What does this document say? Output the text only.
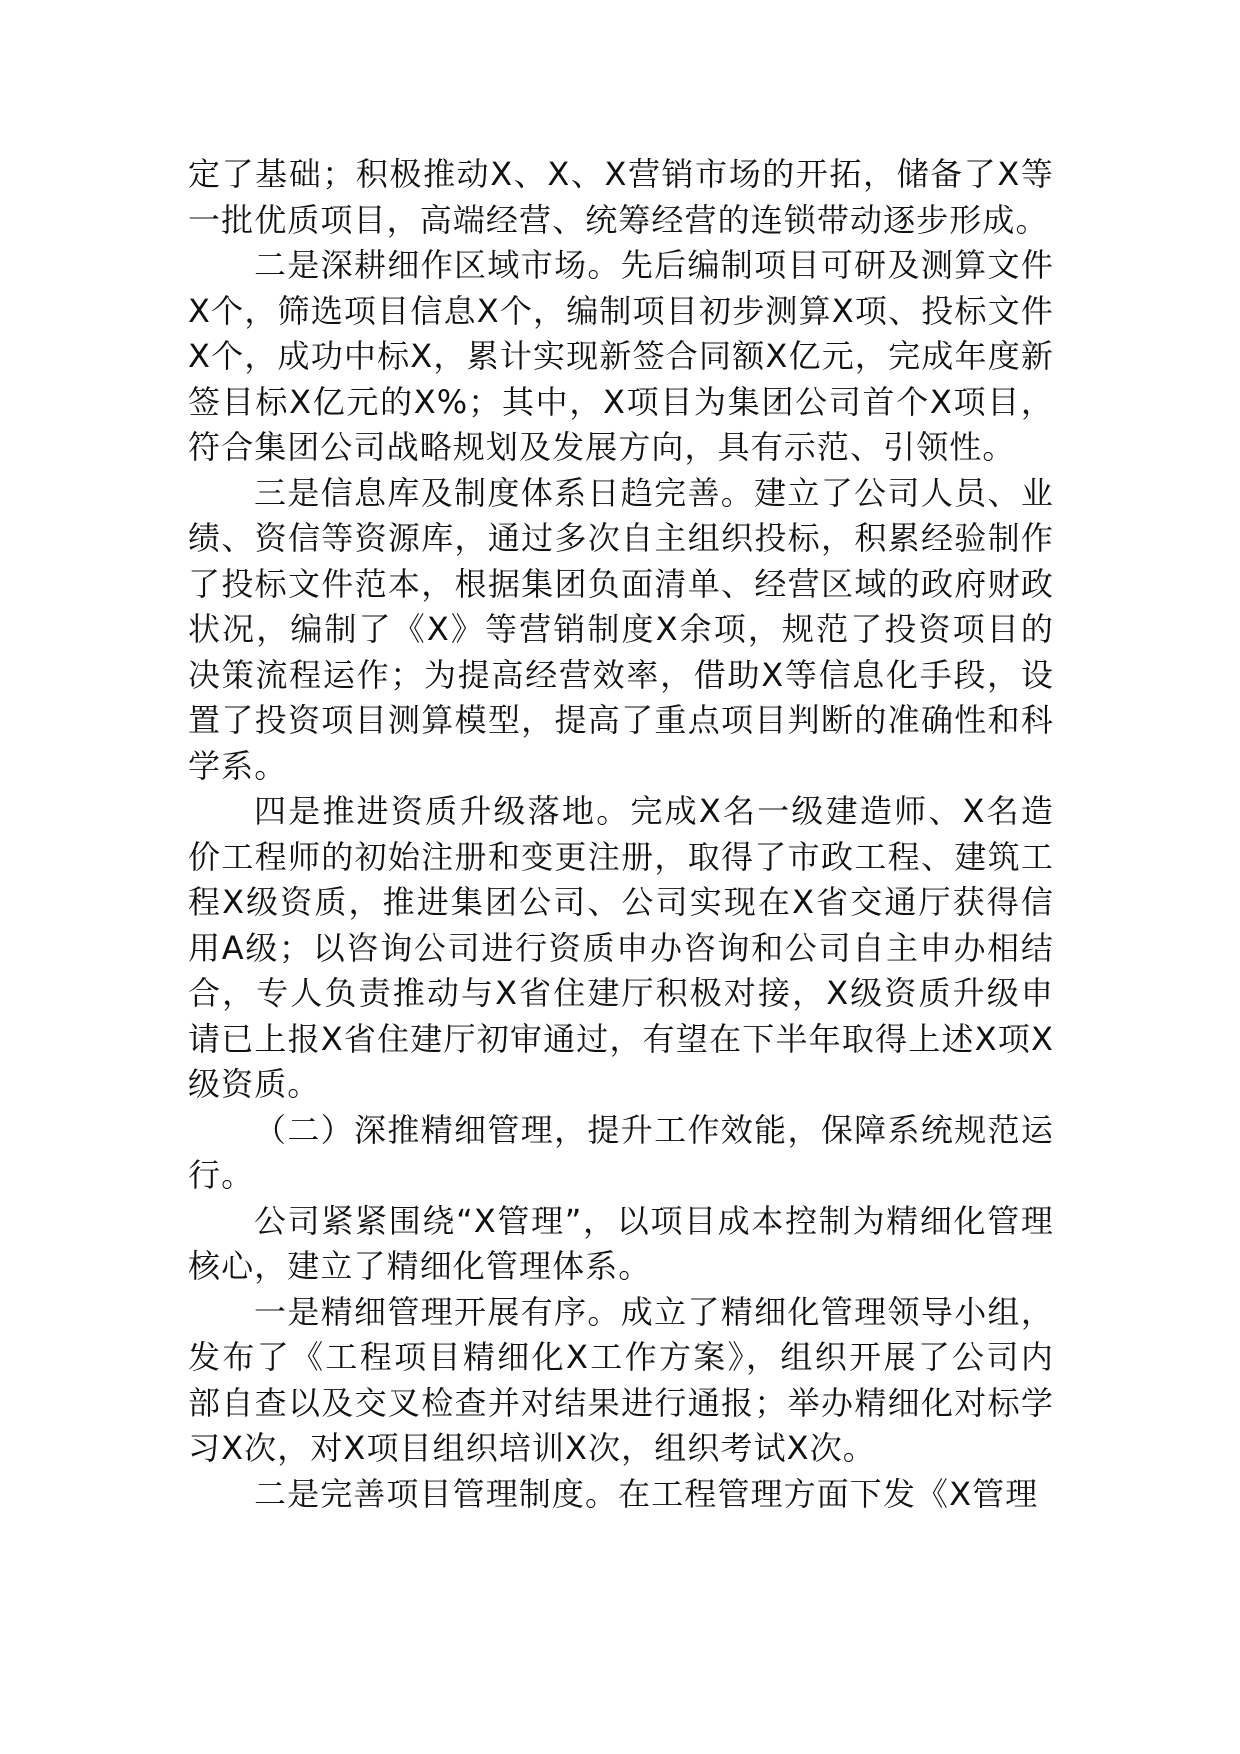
定了基础；积极推动X、X、X营销市场的开拓，储备了X等一批优质项目，高端经营、统筹经营的连锁带动逐步形成。

二是深耕细作区域市场。先后编制项目可研及测算文件X个，筛选项目信息X个，编制项目初步测算X项、投标文件X个，成功中标X，累计实现新签合同额X亿元，完成年度新签目标X亿元的X%；其中，X项目为集团公司首个X项目，符合集团公司战略规划及发展方向，具有示范、引领性。

三是信息库及制度体系日趋完善。建立了公司人员、业绩、资信等资源库，通过多次自主组织投标，积累经验制作了投标文件范本，根据集团负面清单、经营区域的政府财政状况，编制了《X》等营销制度X余项，规范了投资项目的决策流程运作；为提高经营效率，借助X等信息化手段，设置了投资项目测算模型，提高了重点项目判断的准确性和科学系。

四是推进资质升级落地。完成X名一级建造师、X名造价工程师的初始注册和变更注册，取得了市政工程、建筑工程X级资质，推进集团公司、公司实现在X省交通厅获得信用A级；以咨询公司进行资质申办咨询和公司自主申办相结合，专人负责推动与X省住建厅积极对接，X级资质升级申请已上报X省住建厅初审通过，有望在下半年取得上述X项X级资质。

（二）深推精细管理，提升工作效能，保障系统规范运行。

公司紧紧围绕“X管理”，以项目成本控制为精细化管理核心，建立了精细化管理体系。

一是精细管理开展有序。成立了精细化管理领导小组，发布了《工程项目精细化X工作方案》，组织开展了公司内部自查以及交叉检查并对结果进行通报；举办精细化对标学习X次，对X项目组织培训X次，组织考试X次。

二是完善项目管理制度。在工程管理方面下发《X管理
